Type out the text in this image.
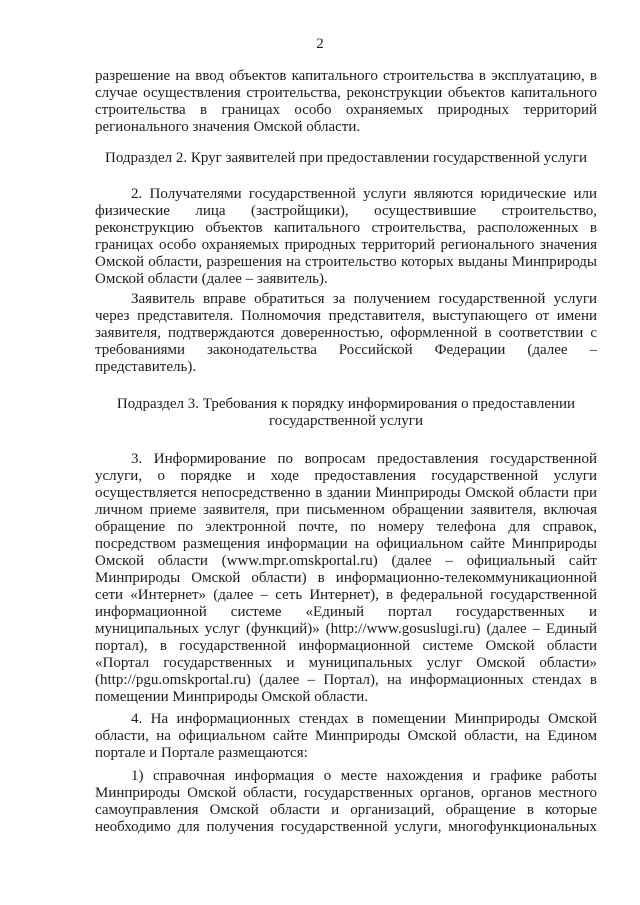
2
разрешение на ввод объектов капитального строительства в эксплуатацию, в
случае осуществления строительства, реконструкции объектов капитального
строительства в границах особо охраняемых природных территорий
регионального значения Омской области.
Подраздел 2. Круг заявителей при предоставлении государственной услуги
2. Получателями государственной услуги являются юридические или
физические лица (застройщики), осуществившие строительство,
реконструкцию объектов капитального строительства, расположенных в
границах особо охраняемых природных территорий регионального значения
Омской области, разрешения на строительство которых выданы Минприроды
Омской области (далее – заявитель).
Заявитель вправе обратиться за получением государственной услуги
через представителя. Полномочия представителя, выступающего от имени
заявителя, подтверждаются доверенностью, оформленной в соответствии с
требованиями законодательства Российской Федерации (далее –
представитель).
Подраздел 3. Требования к порядку информирования о предоставлении
государственной услуги
3. Информирование по вопросам предоставления государственной
услуги, о порядке и ходе предоставления государственной услуги
осуществляется непосредственно в здании Минприроды Омской области при
личном приеме заявителя, при письменном обращении заявителя, включая
обращение по электронной почте, по номеру телефона для справок,
посредством размещения информации на официальном сайте Минприроды
Омской области (www.mpr.omskportal.ru) (далее – официальный сайт
Минприроды Омской области) в информационно-телекоммуникационной
сети «Интернет» (далее – сеть Интернет), в федеральной государственной
информационной системе «Единый портал государственных и
муниципальных услуг (функций)» (http://www.gosuslugi.ru) (далее – Единый
портал), в государственной информационной системе Омской области
«Портал государственных и муниципальных услуг Омской области»
(http://pgu.omskportal.ru) (далее – Портал), на информационных стендах в
помещении Минприроды Омской области.
4. На информационных стендах в помещении Минприроды Омской
области, на официальном сайте Минприроды Омской области, на Едином
портале и Портале размещаются:
1) справочная информация о месте нахождения и графике работы
Минприроды Омской области, государственных органов, органов местного
самоуправления Омской области и организаций, обращение в которые
необходимо для получения государственной услуги, многофункциональных
